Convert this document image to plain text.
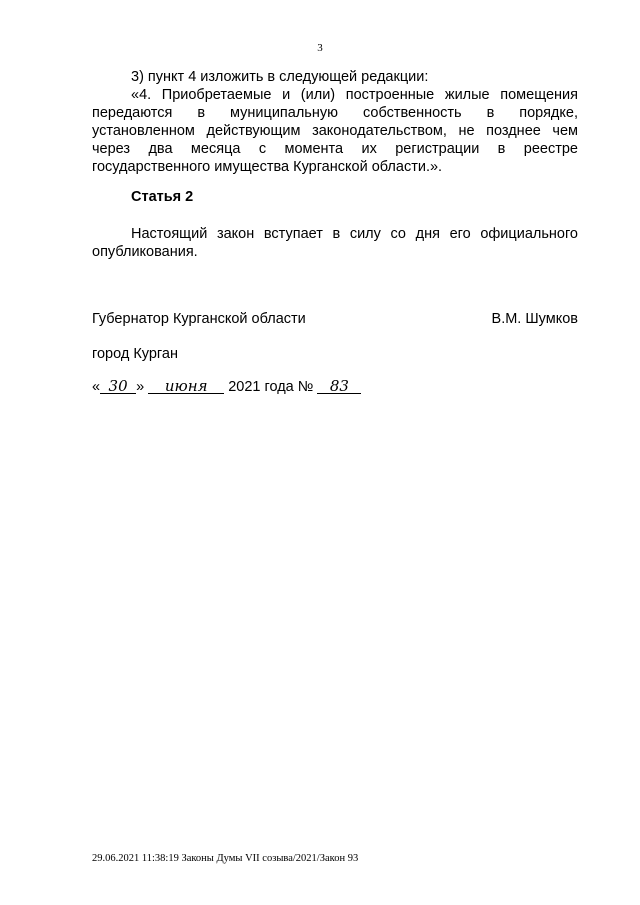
3
3) пункт 4 изложить в следующей редакции:
«4. Приобретаемые и (или) построенные жилые помещения
передаются в муниципальную собственность в порядке,
установленном действующим законодательством, не позднее чем
через два месяца с момента их регистрации в реестре
государственного имущества Курганской области.».
Статья 2
Настоящий закон вступает в силу со дня его официального
опубликования.
Губернатор Курганской области	В.М. Шумков
город Курган
« 30 » июня 2021 года № 83
29.06.2021 11:38:19 Законы Думы VII созыва/2021/Закон 93
